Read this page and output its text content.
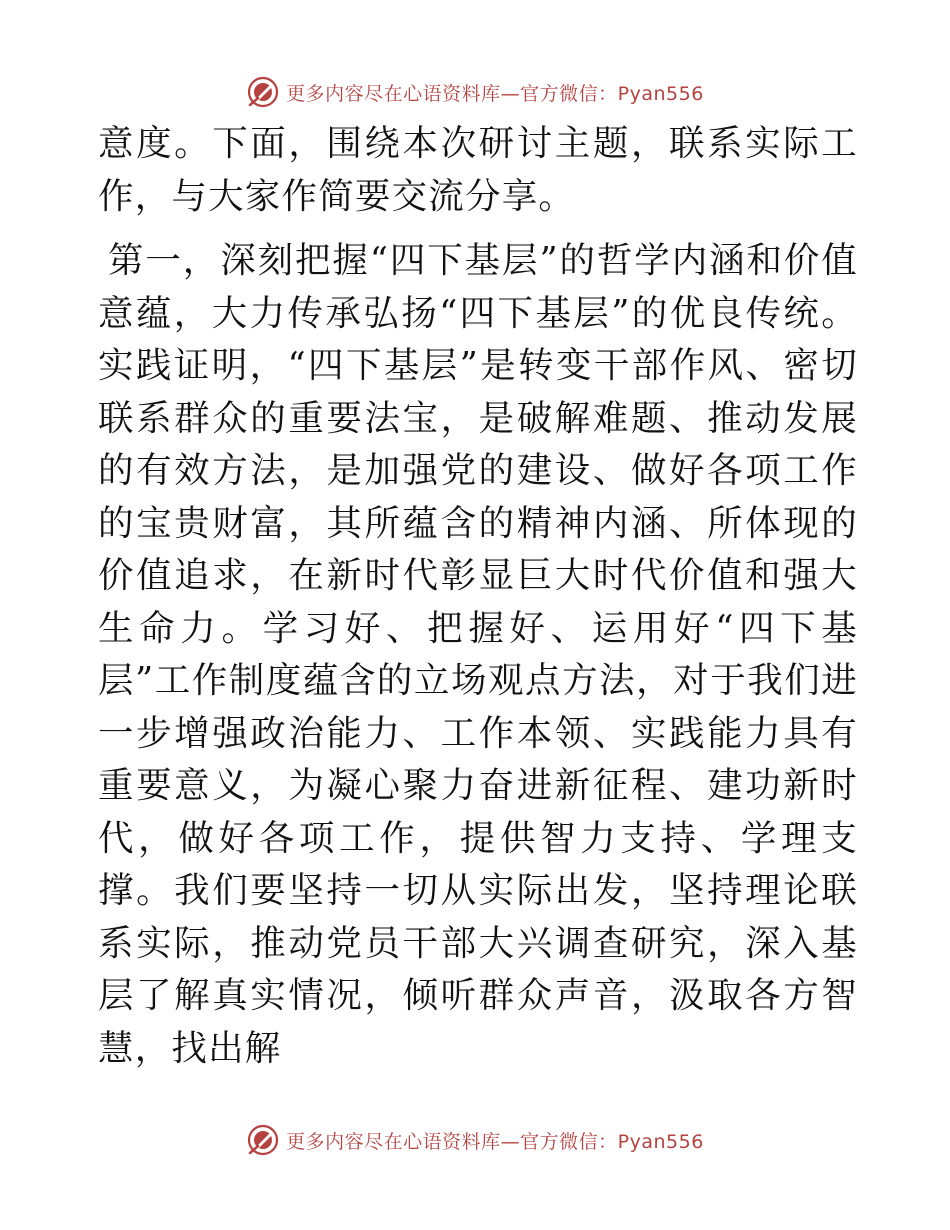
更多内容尽在心语资料库—官方微信：Pyan556

意度。下面，围绕本次研讨主题，联系实际工作，与大家作简要交流分享。

第一，深刻把握“四下基层”的哲学内涵和价值意蕴，大力传承弘扬“四下基层”的优良传统。实践证明，“四下基层”是转变干部作风、密切联系群众的重要法宝，是破解难题、推动发展的有效方法，是加强党的建设、做好各项工作的宝贵财富，其所蕴含的精神内涵、所体现的价值追求，在新时代彰显巨大时代价值和强大生命力。学习好、把握好、运用好“四下基层”工作制度蕴含的立场观点方法，对于我们进一步增强政治能力、工作本领、实践能力具有重要意义，为凝心聚力奋进新征程、建功新时代，做好各项工作，提供智力支持、学理支撑。我们要坚持一切从实际出发，坚持理论联系实际，推动党员干部大兴调查研究，深入基层了解真实情况，倾听群众声音，汲取各方智慧，找出解

更多内容尽在心语资料库—官方微信：Pyan556
